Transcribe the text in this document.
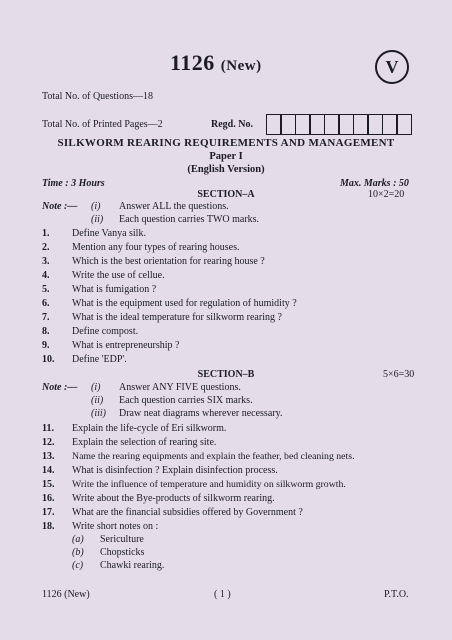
1126 (New)	V
Total No. of Questions—18
Total No. of Printed Pages—2	Regd. No.
SILKWORM REARING REQUIREMENTS AND MANAGEMENT
Paper I
(English Version)
Time : 3 Hours	Max. Marks : 50
SECTION–A	10×2=20
Note :— (i) Answer ALL the questions.
(ii) Each question carries TWO marks.
1. Define Vanya silk.
2. Mention any four types of rearing houses.
3. Which is the best orientation for rearing house ?
4. Write the use of cellue.
5. What is fumigation ?
6. What is the equipment used for regulation of humidity ?
7. What is the ideal temperature for silkworm rearing ?
8. Define compost.
9. What is entrepreneurship ?
10. Define 'EDP'.
SECTION–B	5×6=30
Note :— (i) Answer ANY FIVE questions.
(ii) Each question carries SIX marks.
(iii) Draw neat diagrams wherever necessary.
11. Explain the life-cycle of Eri silkworm.
12. Explain the selection of rearing site.
13. Name the rearing equipments and explain the feather, bed cleaning nets.
14. What is disinfection ? Explain disinfection process.
15. Write the influence of temperature and humidity on silkworm growth.
16. Write about the Bye-products of silkworm rearing.
17. What are the financial subsidies offered by Government ?
18. Write short notes on :
(a) Sericulture
(b) Chopsticks
(c) Chawki rearing.
1126 (New)	( 1 )	P.T.O.
